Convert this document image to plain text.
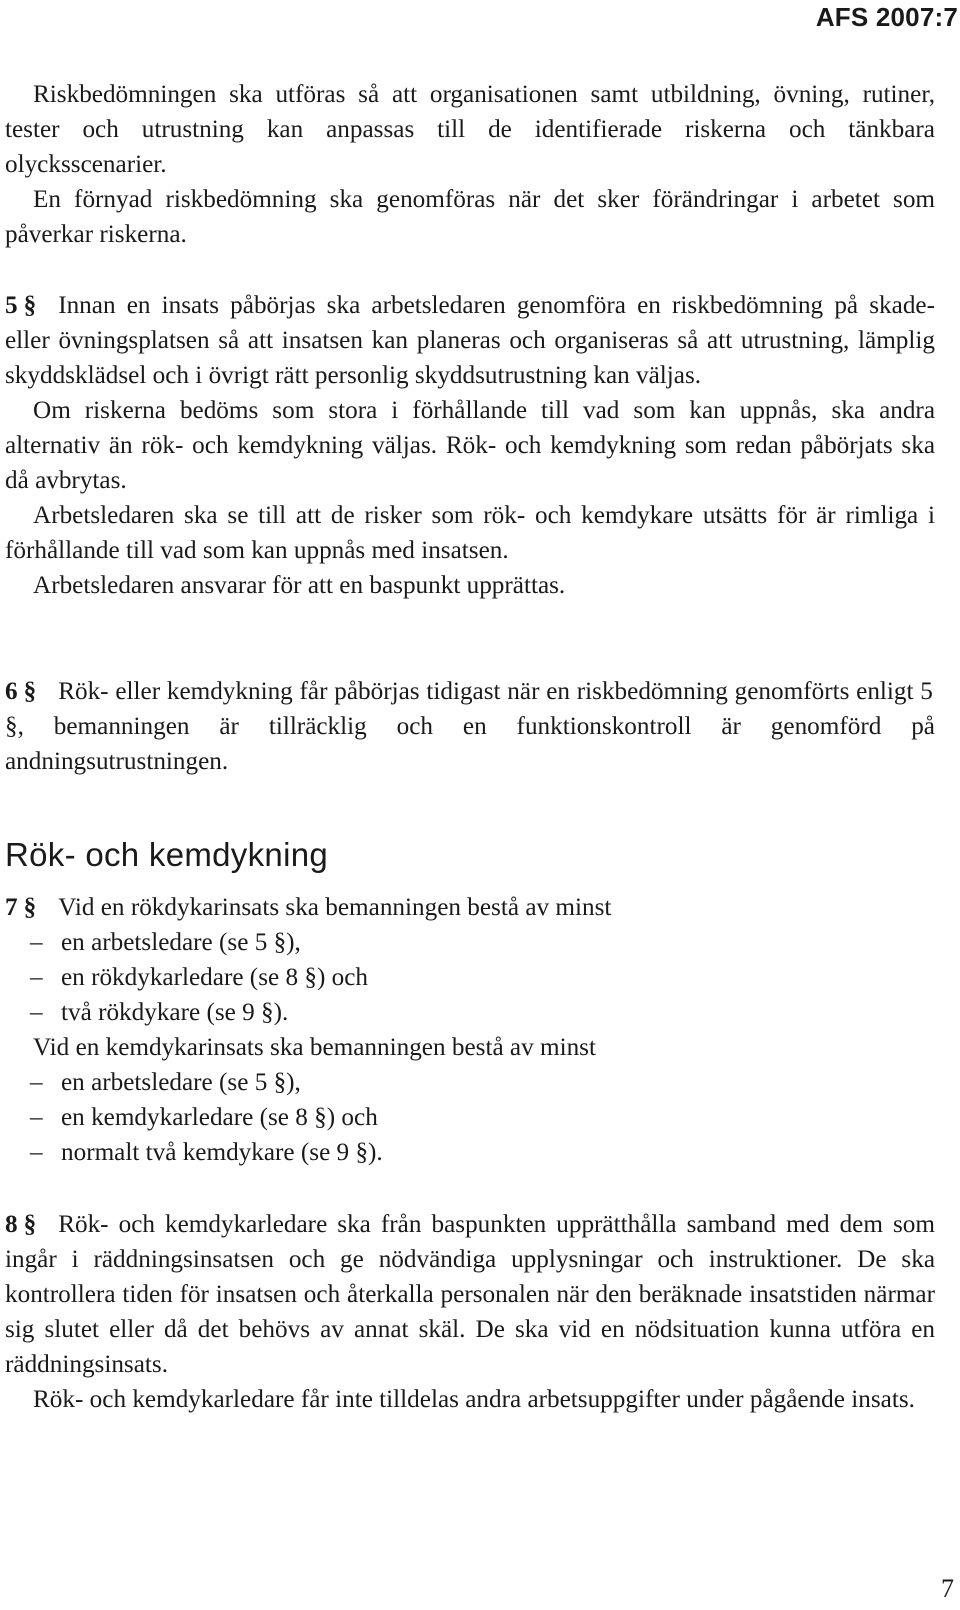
AFS 2007:7

Riskbedömningen ska utföras så att organisationen samt utbildning, övning, rutiner, tester och utrustning kan anpassas till de identifierade riskerna och tänkbara olycksscenarier.

En förnyad riskbedömning ska genomföras när det sker förändringar i arbetet som påverkar riskerna.

5 § Innan en insats påbörjas ska arbetsledaren genomföra en riskbedömning på skade- eller övningsplatsen så att insatsen kan planeras och organiseras så att utrustning, lämplig skyddsklädsel och i övrigt rätt personlig skyddsutrustning kan väljas.

Om riskerna bedöms som stora i förhållande till vad som kan uppnås, ska andra alternativ än rök- och kemdykning väljas. Rök- och kemdykning som redan påbörjats ska då avbrytas.

Arbetsledaren ska se till att de risker som rök- och kemdykare utsätts för är rimliga i förhållande till vad som kan uppnås med insatsen.

Arbetsledaren ansvarar för att en baspunkt upprättas.

6 § Rök- eller kemdykning får påbörjas tidigast när en riskbedömning genomförts enligt 5 §, bemanningen är tillräcklig och en funktionskontroll är genomförd på andningsutrustningen.

Rök- och kemdykning

7 § Vid en rökdykarinsats ska bemanningen bestå av minst

– en arbetsledare (se 5 §),
– en rökdykarledare (se 8 §) och
– två rökdykare (se 9 §).

Vid en kemdykarinsats ska bemanningen bestå av minst

– en arbetsledare (se 5 §),
– en kemdykarledare (se 8 §) och
– normalt två kemdykare (se 9 §).

8 § Rök- och kemdykarledare ska från baspunkten upprätthålla samband med dem som ingår i räddningsinsatsen och ge nödvändiga upplysningar och instruktioner. De ska kontrollera tiden för insatsen och återkalla personalen när den beräknade insatstiden närmar sig slutet eller då det behövs av annat skäl. De ska vid en nödsituation kunna utföra en räddningsinsats.

Rök- och kemdykarledare får inte tilldelas andra arbetsuppgifter under pågående insats.

7
